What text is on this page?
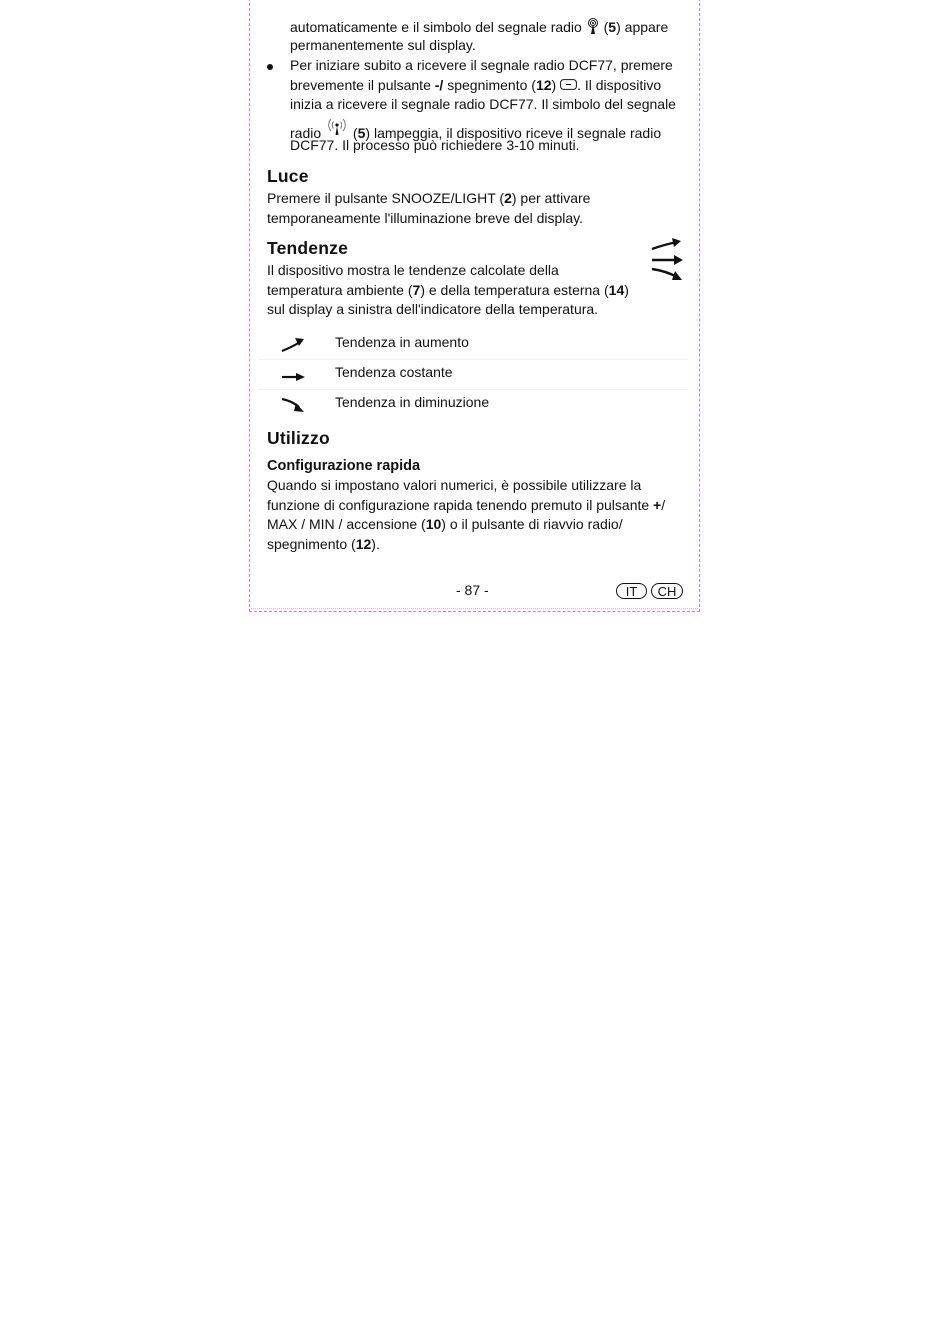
automaticamente e il simbolo del segnale radio  (5) appare
permanentemente sul display.
Per iniziare subito a ricevere il segnale radio DCF77, premere
brevemente il pulsante -/ spegnimento (12) . Il dispositivo
inizia a ricevere il segnale radio DCF77. Il simbolo del segnale
radio  (5) lampeggia, il dispositivo riceve il segnale radio
DCF77. Il processo può richiedere 3-10 minuti.
Luce
Premere il pulsante SNOOZE/LIGHT (2) per attivare
temporaneamente l'illuminazione breve del display.
Tendenze
Il dispositivo mostra le tendenze calcolate della
temperatura ambiente (7) e della temperatura esterna (14)
sul display a sinistra dell'indicatore della temperatura.
Tendenza in aumento
Tendenza costante
Tendenza in diminuzione
Utilizzo
Configurazione rapida
Quando si impostano valori numerici, è possibile utilizzare la
funzione di configurazione rapida tenendo premuto il pulsante +/
MAX / MIN / accensione (10) o il pulsante di riavvio radio/
spegnimento (12).
- 87 -	IT	CH
